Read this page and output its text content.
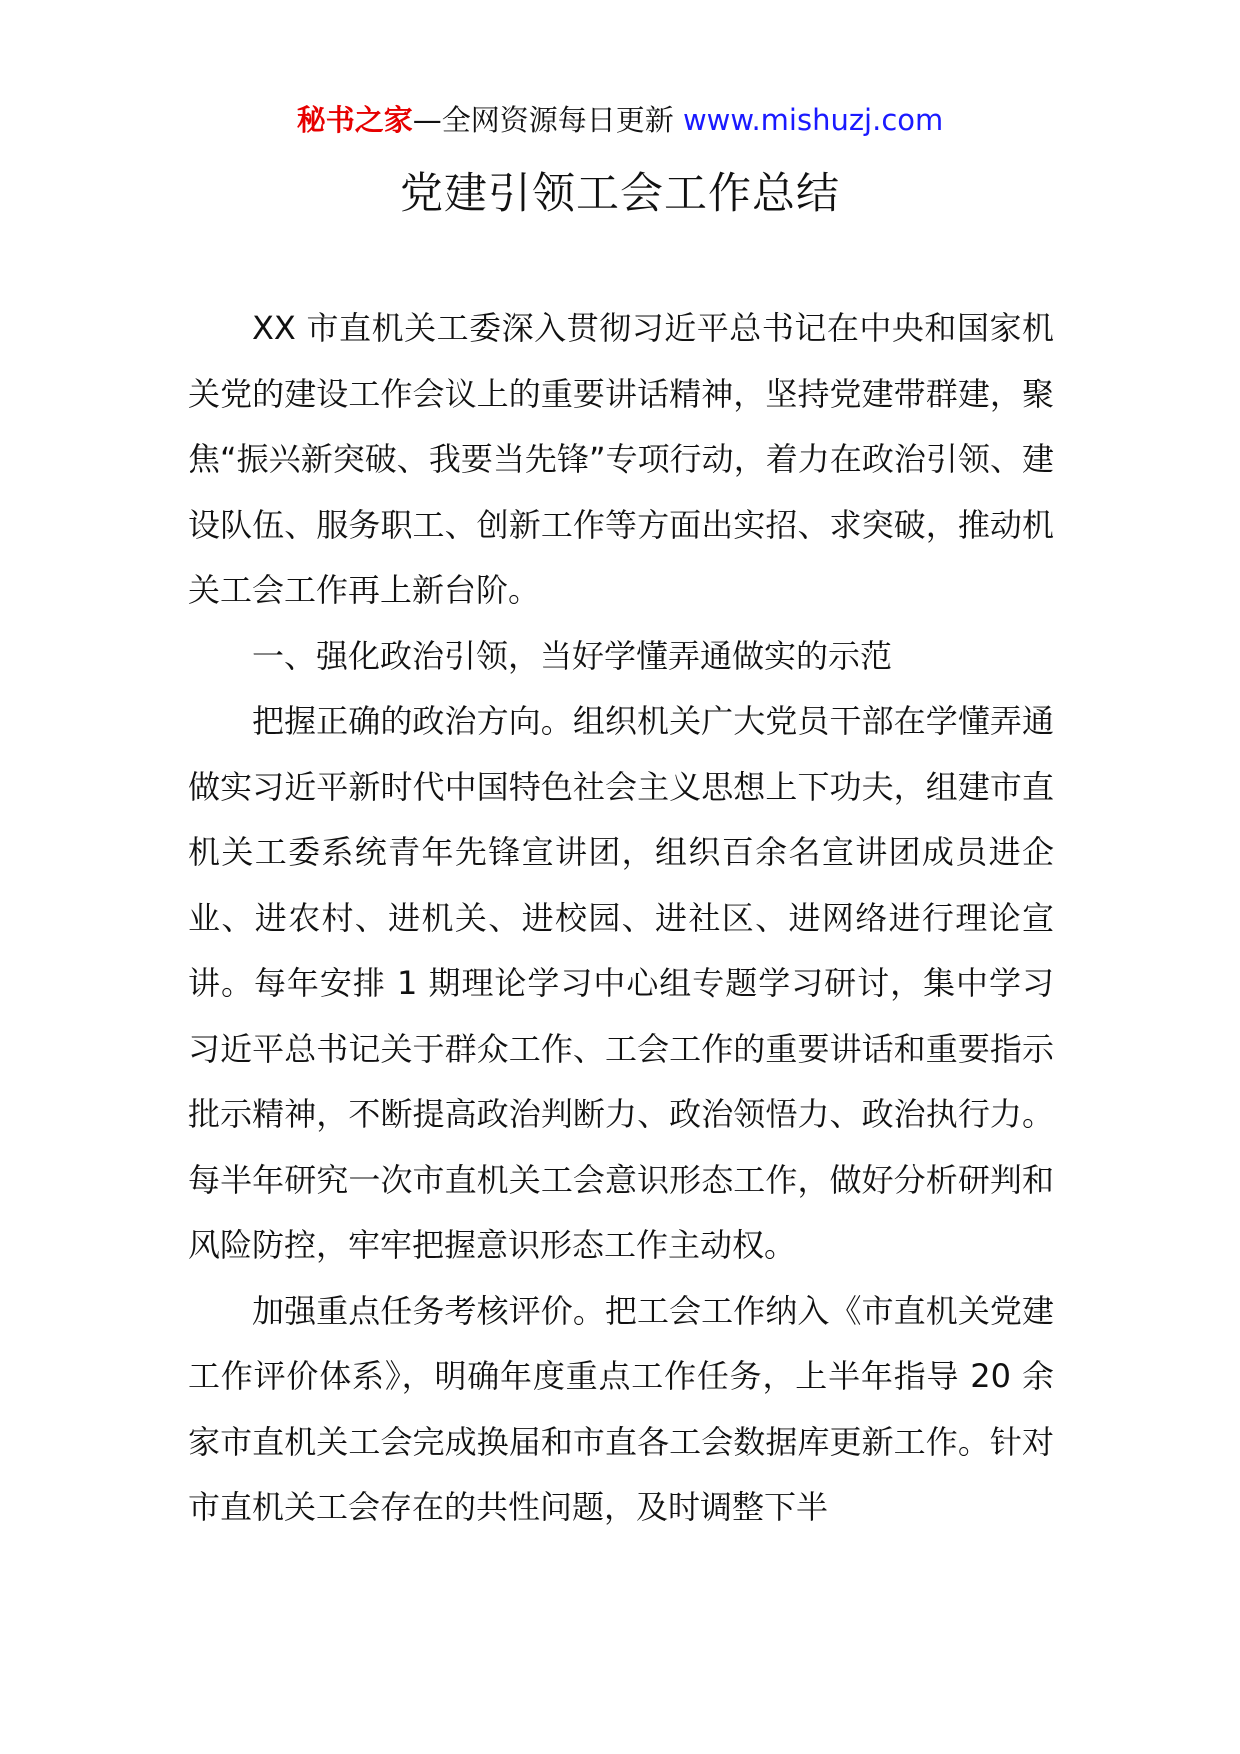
秘书之家—全网资源每日更新 www.mishuzj.com
党建引领工会工作总结

XX 市直机关工委深入贯彻习近平总书记在中央和国家机关党的建设工作会议上的重要讲话精神，坚持党建带群建，聚焦“振兴新突破、我要当先锋”专项行动，着力在政治引领、建设队伍、服务职工、创新工作等方面出实招、求突破，推动机关工会工作再上新台阶。

一、强化政治引领，当好学懂弄通做实的示范

把握正确的政治方向。组织机关广大党员干部在学懂弄通做实习近平新时代中国特色社会主义思想上下功夫，组建市直机关工委系统青年先锋宣讲团，组织百余名宣讲团成员进企业、进农村、进机关、进校园、进社区、进网络进行理论宣讲。每年安排 1 期理论学习中心组专题学习研讨，集中学习习近平总书记关于群众工作、工会工作的重要讲话和重要指示批示精神，不断提高政治判断力、政治领悟力、政治执行力。每半年研究一次市直机关工会意识形态工作，做好分析研判和风险防控，牢牢把握意识形态工作主动权。

加强重点任务考核评价。把工会工作纳入《市直机关党建工作评价体系》，明确年度重点工作任务，上半年指导 20 余家市直机关工会完成换届和市直各工会数据库更新工作。针对市直机关工会存在的共性问题，及时调整下半
